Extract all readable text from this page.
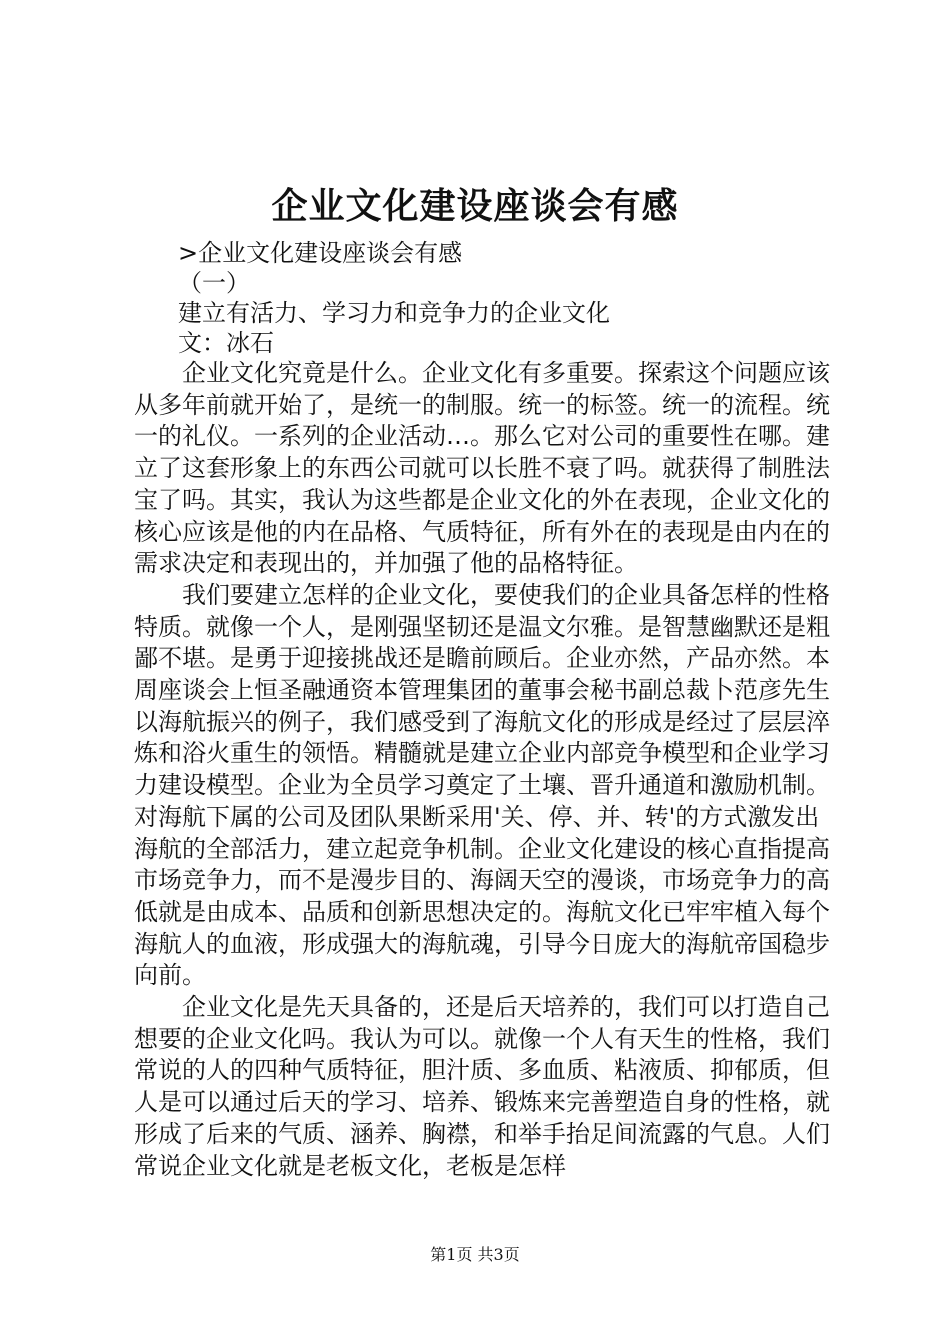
企业文化建设座谈会有感
>企业文化建设座谈会有感
（一）
建立有活力、学习力和竞争力的企业文化
文：冰石

企业文化究竟是什么。企业文化有多重要。探索这个问题应该从多年前就开始了，是统一的制服。统一的标签。统一的流程。统一的礼仪。一系列的企业活动…。那么它对公司的重要性在哪。建立了这套形象上的东西公司就可以长胜不衰了吗。就获得了制胜法宝了吗。其实，我认为这些都是企业文化的外在表现，企业文化的核心应该是他的内在品格、气质特征，所有外在的表现是由内在的需求决定和表现出的，并加强了他的品格特征。

我们要建立怎样的企业文化，要使我们的企业具备怎样的性格特质。就像一个人，是刚强坚韧还是温文尔雅。是智慧幽默还是粗鄙不堪。是勇于迎接挑战还是瞻前顾后。企业亦然，产品亦然。本周座谈会上恒圣融通资本管理集团的董事会秘书副总裁卜范彦先生以海航振兴的例子，我们感受到了海航文化的形成是经过了层层淬炼和浴火重生的领悟。精髓就是建立企业内部竞争模型和企业学习力建设模型。企业为全员学习奠定了土壤、晋升通道和激励机制。对海航下属的公司及团队果断采用'关、停、并、转'的方式激发出海航的全部活力，建立起竞争机制。企业文化建设的核心直指提高市场竞争力，而不是漫步目的、海阔天空的漫谈，市场竞争力的高低就是由成本、品质和创新思想决定的。海航文化已牢牢植入每个海航人的血液，形成强大的海航魂，引导今日庞大的海航帝国稳步向前。

企业文化是先天具备的，还是后天培养的，我们可以打造自己想要的企业文化吗。我认为可以。就像一个人有天生的性格，我们常说的人的四种气质特征，胆汁质、多血质、粘液质、抑郁质，但人是可以通过后天的学习、培养、锻炼来完善塑造自身的性格，就形成了后来的气质、涵养、胸襟，和举手抬足间流露的气息。人们常说企业文化就是老板文化，老板是怎样

第1页 共3页
